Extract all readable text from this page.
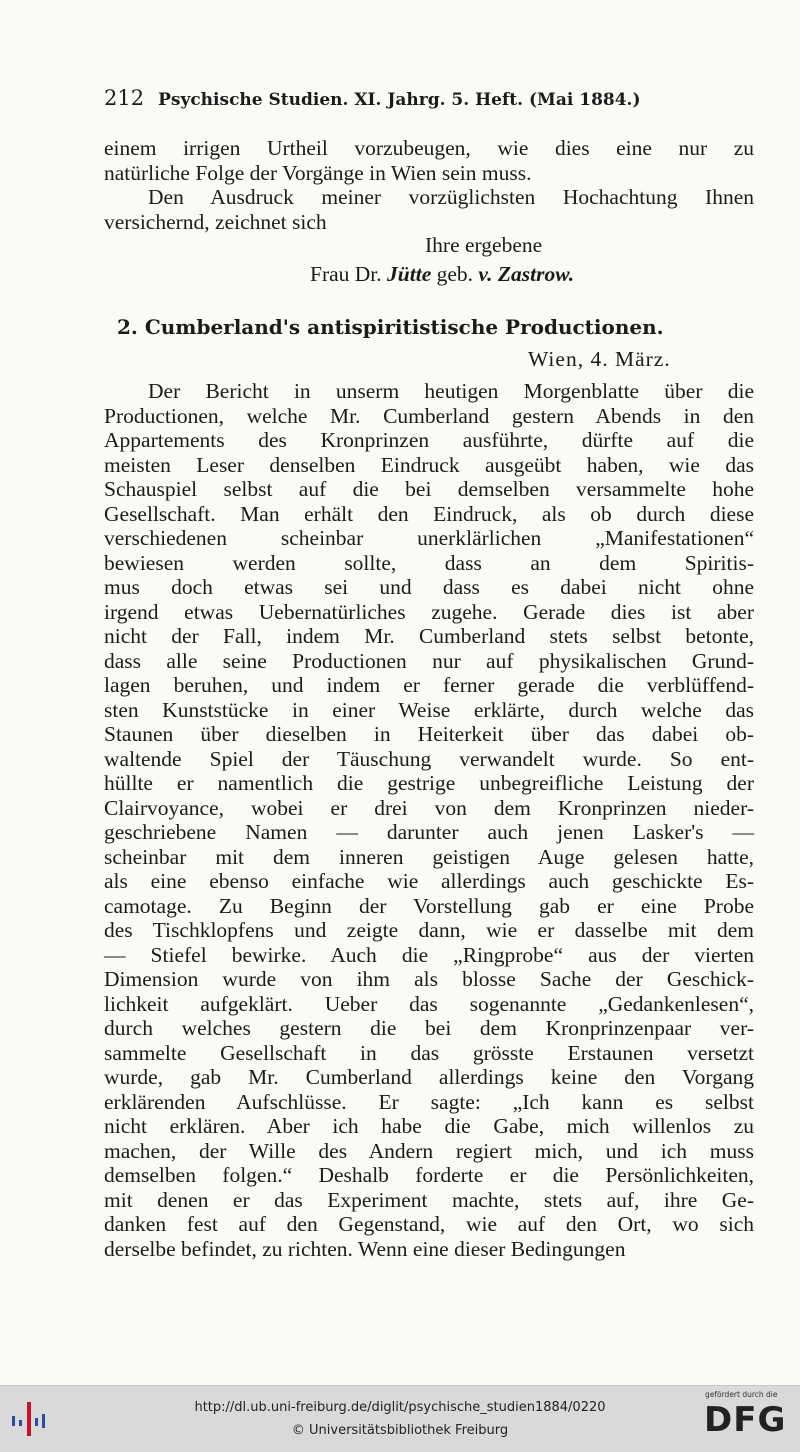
212 Psychische Studien. XI. Jahrg. 5. Heft. (Mai 1884.)
einem irrigen Urtheil vorzubeugen, wie dies eine nur zu
natürliche Folge der Vorgänge in Wien sein muss.
Den Ausdruck meiner vorzüglichsten Hochachtung Ihnen
versichernd, zeichnet sich
Ihre ergebene
Frau Dr. Jütte geb. v. Zastrow.
2. Cumberland's antispiritistische Productionen.
Wien, 4. März.
Der Bericht in unserm heutigen Morgenblatte über die
Productionen, welche Mr. Cumberland gestern Abends in den
Appartements des Kronprinzen ausführte, dürfte auf die
meisten Leser denselben Eindruck ausgeübt haben, wie das
Schauspiel selbst auf die bei demselben versammelte hohe
Gesellschaft. Man erhält den Eindruck, als ob durch diese
verschiedenen scheinbar unerklärlichen „Manifestationen“
bewiesen werden sollte, dass an dem Spiritis-
mus doch etwas sei und dass es dabei nicht ohne
irgend etwas Uebernatürliches zugehe. Gerade dies ist aber
nicht der Fall, indem Mr. Cumberland stets selbst betonte,
dass alle seine Productionen nur auf physikalischen Grund-
lagen beruhen, und indem er ferner gerade die verblüffend-
sten Kunststücke in einer Weise erklärte, durch welche das
Staunen über dieselben in Heiterkeit über das dabei ob-
waltende Spiel der Täuschung verwandelt wurde. So ent-
hüllte er namentlich die gestrige unbegreifliche Leistung der
Clairvoyance, wobei er drei von dem Kronprinzen nieder-
geschriebene Namen — darunter auch jenen Lasker's —
scheinbar mit dem inneren geistigen Auge gelesen hatte,
als eine ebenso einfache wie allerdings auch geschickte Es-
camotage. Zu Beginn der Vorstellung gab er eine Probe
des Tischklopfens und zeigte dann, wie er dasselbe mit dem
— Stiefel bewirke. Auch die „Ringprobe“ aus der vierten
Dimension wurde von ihm als blosse Sache der Geschick-
lichkeit aufgeklärt. Ueber das sogenannte „Gedankenlesen“,
durch welches gestern die bei dem Kronprinzenpaar ver-
sammelte Gesellschaft in das grösste Erstaunen versetzt
wurde, gab Mr. Cumberland allerdings keine den Vorgang
erklärenden Aufschlüsse. Er sagte: „Ich kann es selbst
nicht erklären. Aber ich habe die Gabe, mich willenlos zu
machen, der Wille des Andern regiert mich, und ich muss
demselben folgen.“ Deshalb forderte er die Persönlichkeiten,
mit denen er das Experiment machte, stets auf, ihre Ge-
danken fest auf den Gegenstand, wie auf den Ort, wo sich
derselbe befindet, zu richten. Wenn eine dieser Bedingungen
http://dl.ub.uni-freiburg.de/diglit/psychische_studien1884/0220
© Universitätsbibliothek Freiburg
gefördert durch die
DFG
